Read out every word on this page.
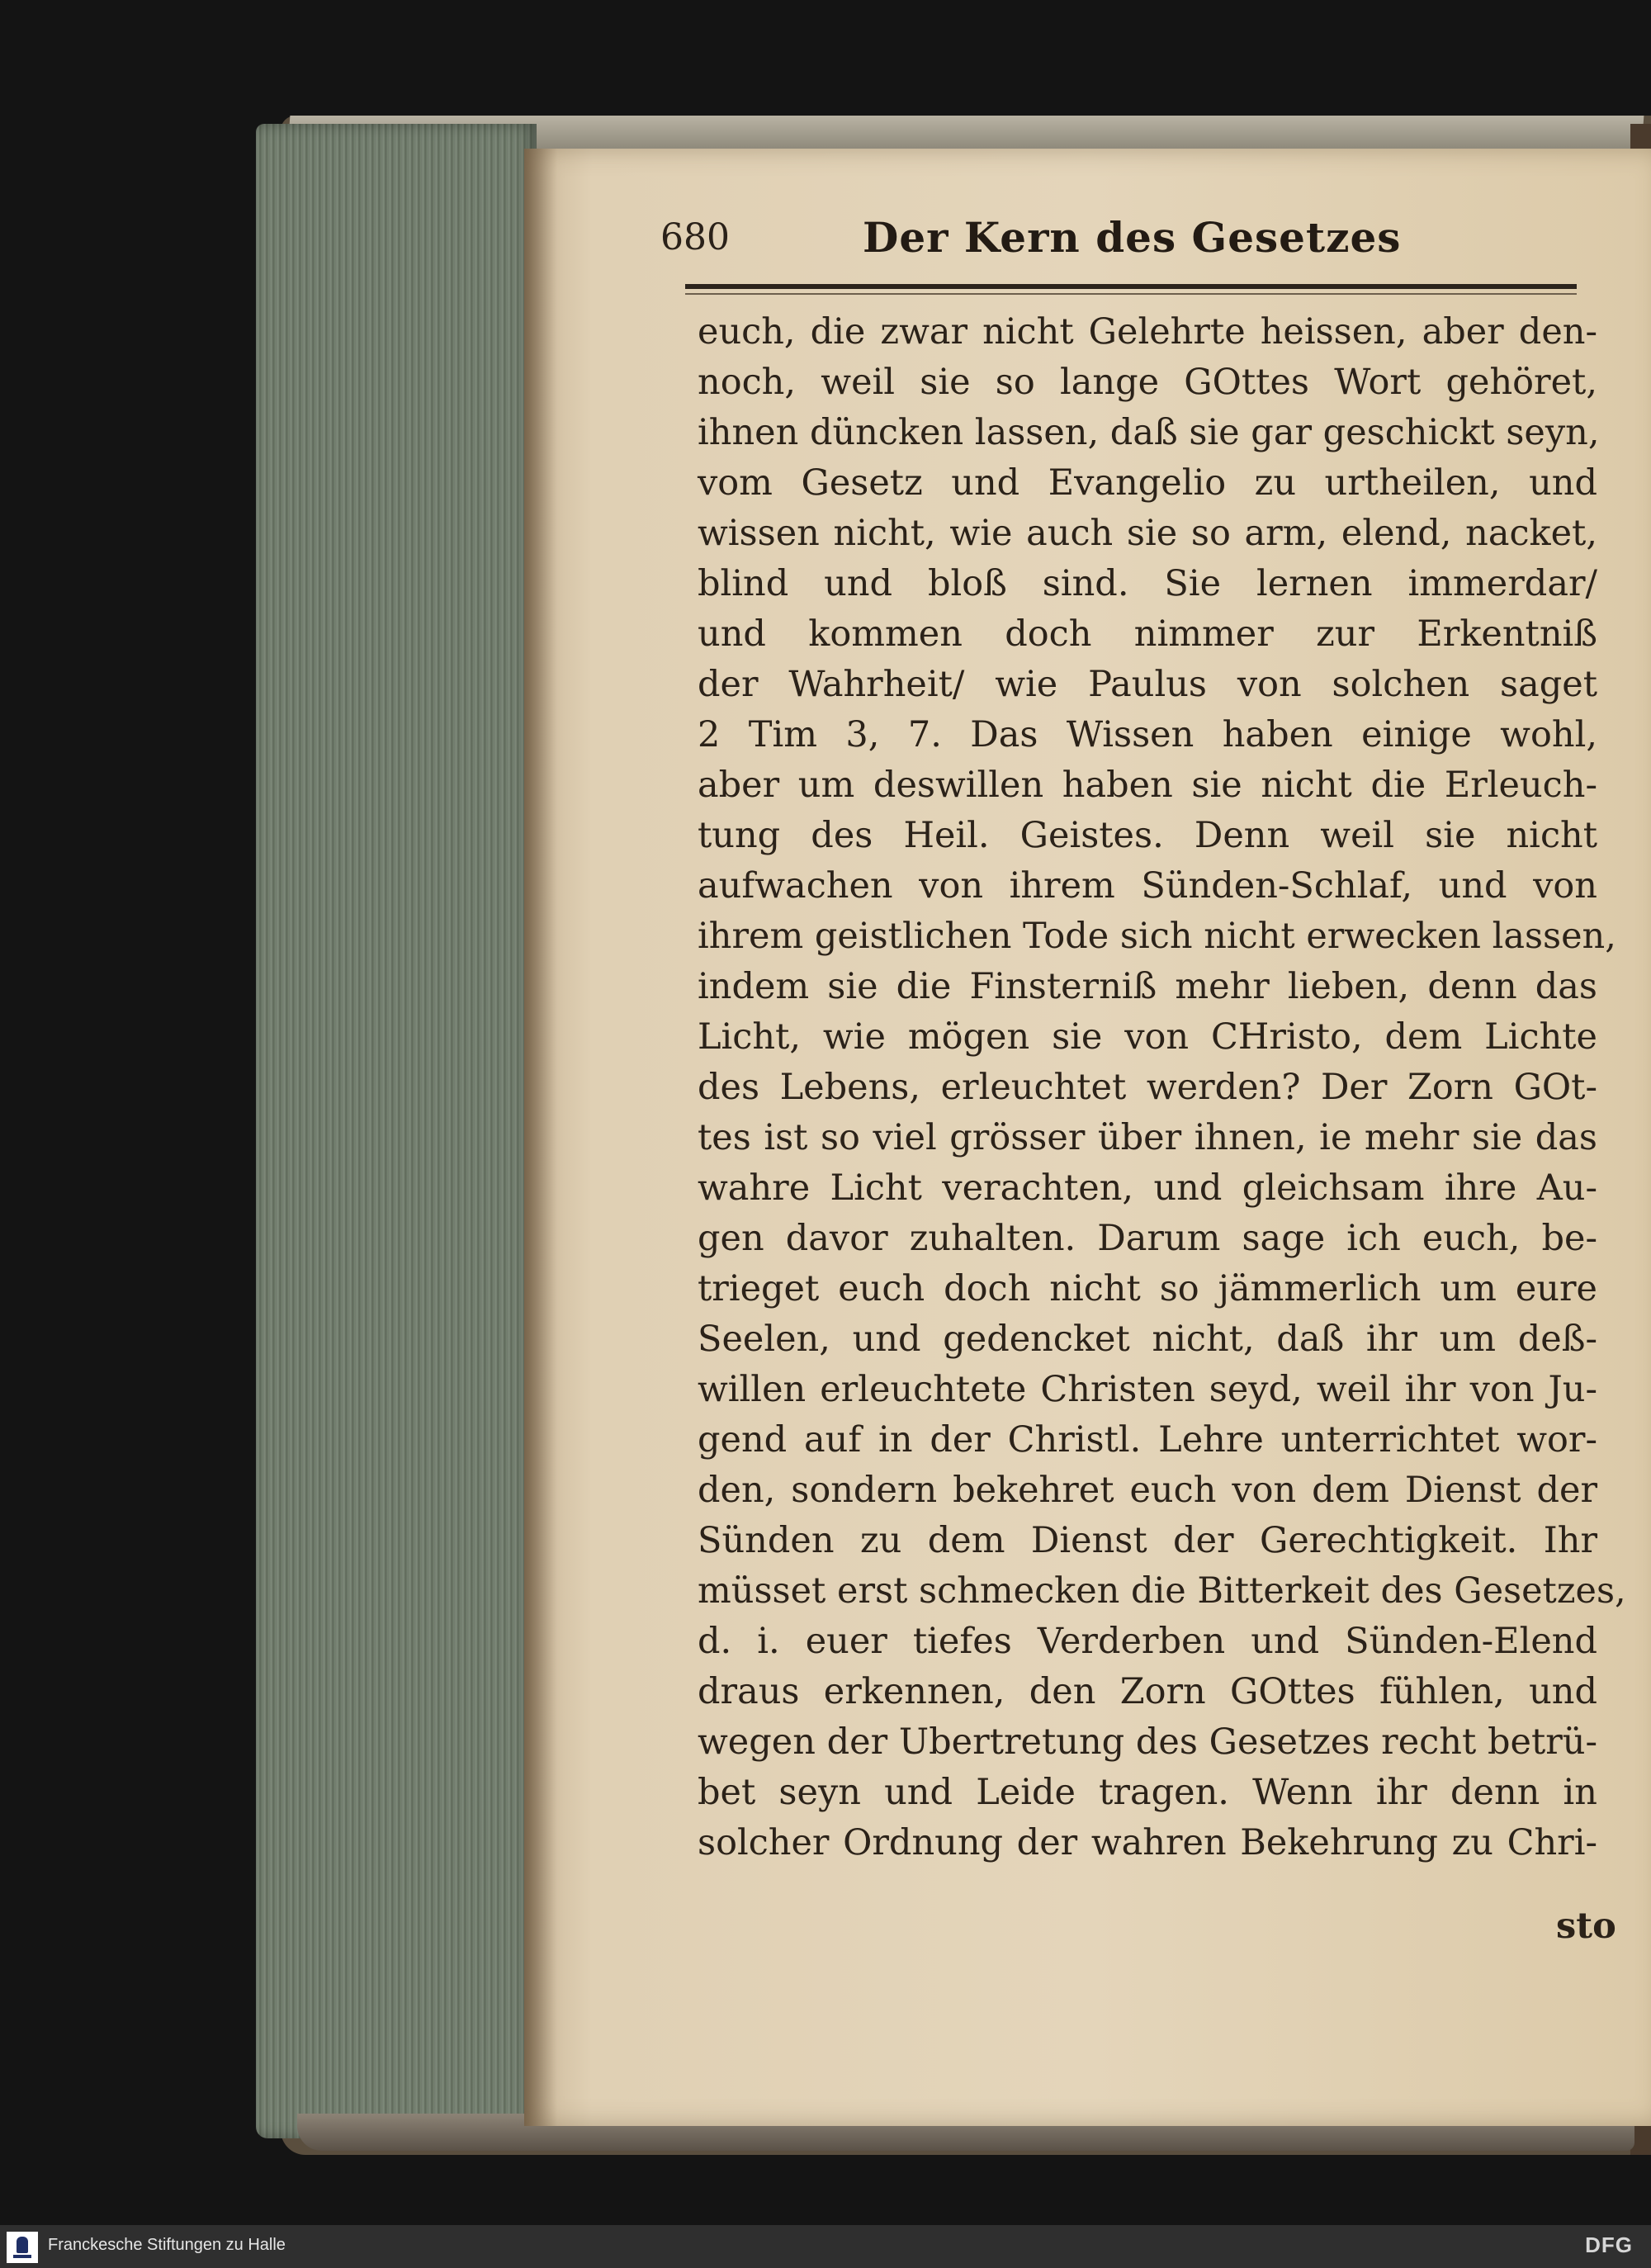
680	Der Kern des Gesetzes
euch, die zwar nicht Gelehrte heissen, aber den-
noch, weil sie so lange GOttes Wort gehöret,
ihnen düncken lassen, daß sie gar geschickt seyn,
vom Gesetz und Evangelio zu urtheilen, und
wissen nicht, wie auch sie so arm, elend, nacket,
blind und bloß sind. Sie lernen immerdar/
und kommen doch nimmer zur Erkentniß
der Wahrheit/ wie Paulus von solchen saget
2 Tim 3, 7. Das Wissen haben einige wohl,
aber um deswillen haben sie nicht die Erleuch-
tung des Heil. Geistes. Denn weil sie nicht
aufwachen von ihrem Sünden-Schlaf, und von
ihrem geistlichen Tode sich nicht erwecken lassen,
indem sie die Finsterniß mehr lieben, denn das
Licht, wie mögen sie von CHristo, dem Lichte
des Lebens, erleuchtet werden? Der Zorn GOt-
tes ist so viel grösser über ihnen, ie mehr sie das
wahre Licht verachten, und gleichsam ihre Au-
gen davor zuhalten. Darum sage ich euch, be-
trieget euch doch nicht so jämmerlich um eure
Seelen, und gedencket nicht, daß ihr um deß-
willen erleuchtete Christen seyd, weil ihr von Ju-
gend auf in der Christl. Lehre unterrichtet wor-
den, sondern bekehret euch von dem Dienst der
Sünden zu dem Dienst der Gerechtigkeit. Ihr
müsset erst schmecken die Bitterkeit des Gesetzes,
d. i. euer tiefes Verderben und Sünden-Elend
draus erkennen, den Zorn GOttes fühlen, und
wegen der Ubertretung des Gesetzes recht betrü-
bet seyn und Leide tragen. Wenn ihr denn in
solcher Ordnung der wahren Bekehrung zu Chri-
sto
Franckesche Stiftungen zu Halle	DFG
